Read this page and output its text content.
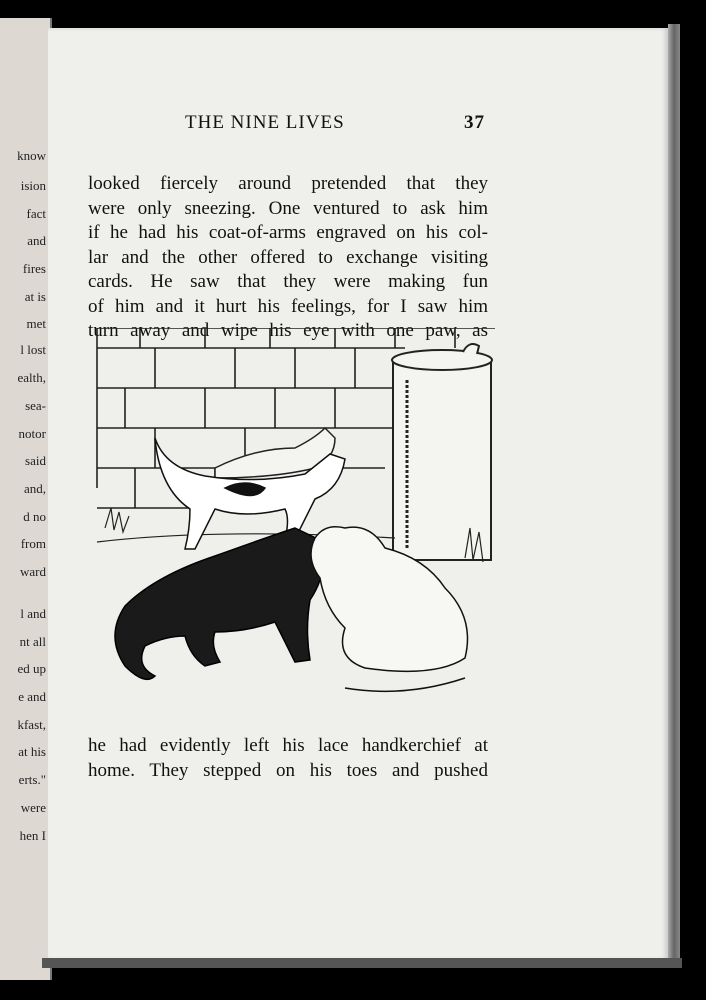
know
ision
fact
and
fires
at is
met
l lost
ealth,
sea-
notor
said
and,
d no
from
ward
l and
nt all
ed up
e and
kfast,
at his
erts."
were
hen I
THE NINE LIVES	37
looked fiercely around pretended that they
were only sneezing. One ventured to ask him
if he had his coat-of-arms engraved on his col-
lar and the other offered to exchange visiting
cards. He saw that they were making fun
of him and it hurt his feelings, for I saw him
turn away and wipe his eye with one paw, as
he had evidently left his lace handkerchief at
home. They stepped on his toes and pushed
